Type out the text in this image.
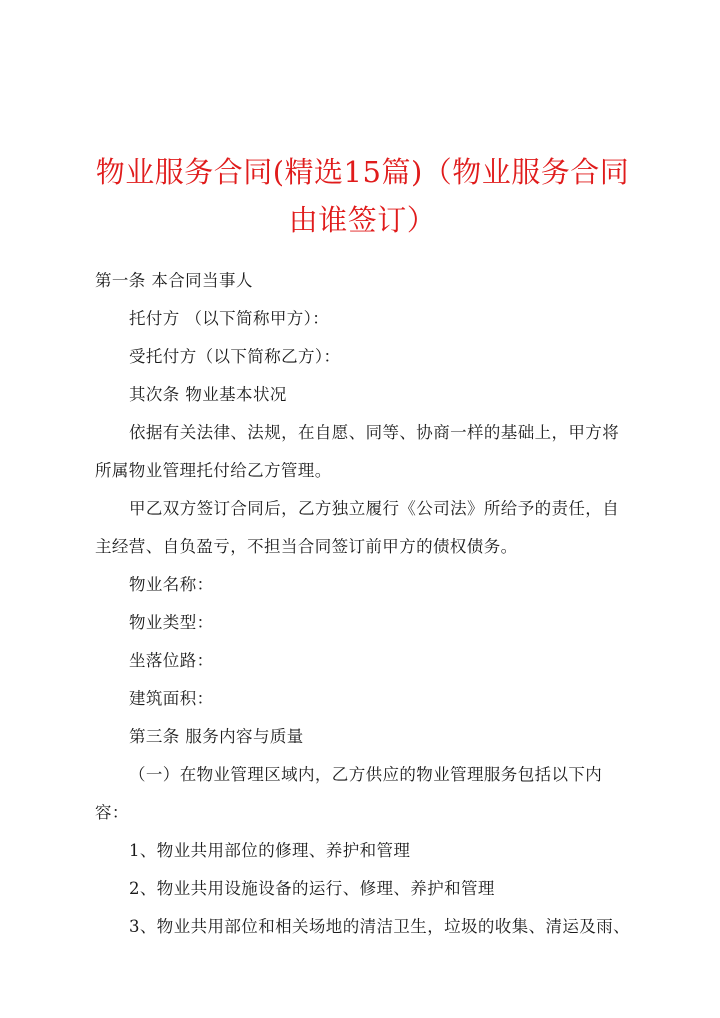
物业服务合同(精选15篇)（物业服务合同由谁签订）

第一条 本合同当事人

托付方 （以下简称甲方）：

受托付方（以下简称乙方）：

其次条 物业基本状况

依据有关法律、法规，在自愿、同等、协商一样的基础上，甲方将所属物业管理托付给乙方管理。

甲乙双方签订合同后，乙方独立履行《公司法》所给予的责任，自主经营、自负盈亏，不担当合同签订前甲方的债权债务。

物业名称：

物业类型：

坐落位路：

建筑面积：

第三条 服务内容与质量

（一）在物业管理区域内，乙方供应的物业管理服务包括以下内容：

1、物业共用部位的修理、养护和管理

2、物业共用设施设备的运行、修理、养护和管理

3、物业共用部位和相关场地的清洁卫生，垃圾的收集、清运及雨、
